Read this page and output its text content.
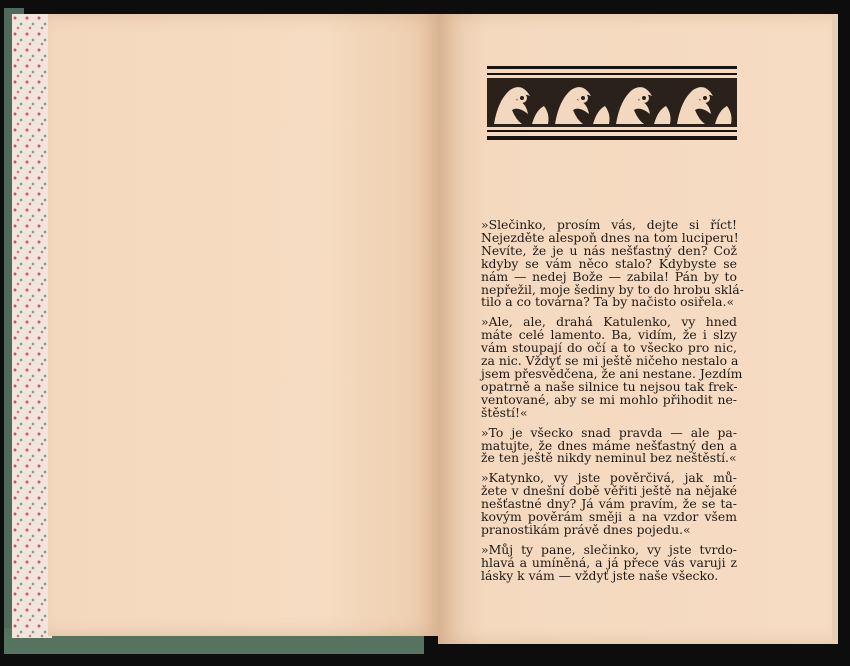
»Slečinko, prosím vás, dejte si říct!
Nejezděte alespoň dnes na tom luciperu!
Nevíte, že je u nás nešťastný den? Což
kdyby se vám něco stalo? Kdybyste se
nám — nedej Bože — zabila! Pán by to
nepřežil, moje šediny by to do hrobu sklá-
tilo a co továrna? Ta by načisto osiřela.«
»Ale, ale, drahá Katulenko, vy hned
máte celé lamento. Ba, vidím, že i slzy
vám stoupají do očí a to všecko pro nic,
za nic. Vždyť se mi ještě ničeho nestalo a
jsem přesvědčena, že ani nestane. Jezdím
opatrně a naše silnice tu nejsou tak frek-
ventované, aby se mi mohlo přihodit ne-
štěstí!«
»To je všecko snad pravda — ale pa-
matujte, že dnes máme nešťastný den a
že ten ještě nikdy neminul bez neštěstí.«
»Katynko, vy jste pověrčivá, jak mů-
žete v dnešní době věřiti ještě na nějaké
nešťastné dny? Já vám pravím, že se ta-
kovým pověrám směji a na vzdor všem
pranostikám právě dnes pojedu.«
»Můj ty pane, slečinko, vy jste tvrdo-
hlavá a umíněná, a já přece vás varuji z
lásky k vám — vždyť jste naše všecko.
